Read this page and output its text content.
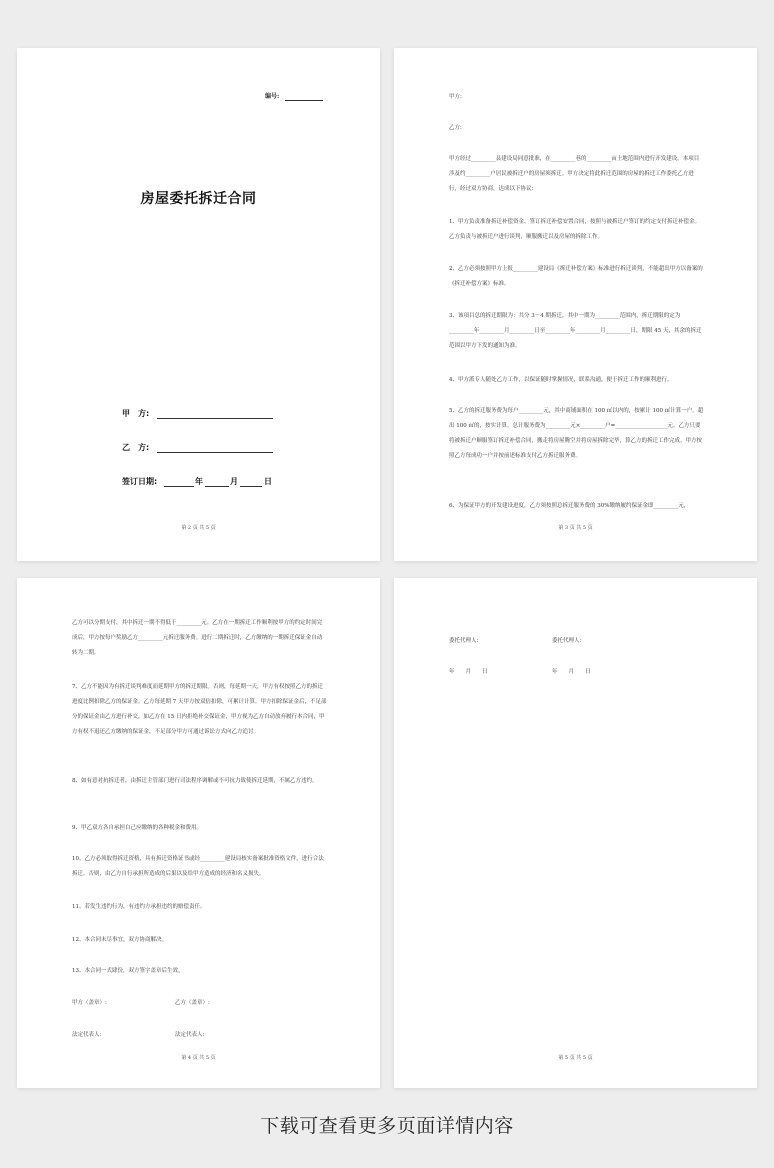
编号:
房屋委托拆迁合同
甲　方:
乙　方:
签订日期:	年	月	日
第 2 页 共 5 页
甲方:
乙方:
甲方经过_________县建设局同意批准，在_________巷的_________亩土地范围内进行开发建设。本项目涉及约_________户居民被拆迁户的房屋须拆迁。甲方决定将此拆迁范围的房屋的拆迁工作委托乙方进行，经过双方协商，达成以下协议:
1、甲方负责准备拆迁补偿资金、签订拆迁补偿安置合同，按照与被拆迁户签订的约定支付拆迁补偿金。乙方负责与被拆迁户进行谈判，顺服搬迁以及房屋的拆除工作。
2、乙方必须按照甲方上报_________建设局《拆迁补偿方案》标准进行拆迁谈判，不能超出甲方以备案的《拆迁补偿方案》标准。
3、该项目总的拆迁期限为：共分 3－4 期拆迁，其中一期为_________范围内，拆迁期限的定为_________年_________月_________日至_________年_________月_________日，期限 45 天，其余的拆迁范围以甲方下发的通知为准。
4、甲方派专人随处乙方工作，以保证随时掌握情况，联系沟通，便于拆迁工作的顺利进行。
5、乙方的拆迁服务费为每户_________元，其中商铺面积在 100 ㎡以内的，按累计 100 ㎡计算一户。超出 100 ㎡的，按实计算。总计服务费为_________元×_________户=___________________元。乙方只要将被拆迁户顺服签订拆迁补偿合同，搬走将房屋腾空并将房屋拆除完毕，算乙方的拆迁工作完成。甲方按照乙方每成功一户并按前述标准支付乙方拆迁服务费。
6、为保证甲方的开发建设进度，乙方须按照总拆迁服务费的 30%缴纳履约保证金即_________元，
第 3 页 共 5 页
乙方可以分期支付，其中拆迁一期不得低于_________元。乙方在一期拆迁工作顺利按甲方的约定时间完成后，甲方按每户奖励乙方_________元拆迁服务费。进行二期拆迁时，乙方缴纳的一期拆迁保证金自动转为二期。
7、乙方不能因为有拆迁谈判难度而延期甲方的拆迁期限。否则，每延期一天，甲方有权按照乙方的拆迁进度比例扣除乙方的保证金。乙方每延期 7 天甲方按双倍扣除，可累计计算。甲方扣除保证金后，不足部分的保证金由乙方进行补交，如乙方在 15 日内拒绝补交保证金，甲方视为乙方自动放弃履行本合同，甲方有权不退还乙方缴纳的保证金，不足部分甲方可通过诉讼方式向乙方追讨。
8、如有意对抗拆迁者，由拆迁主管部门进行司法程序调解或不可抗力致使拆迁延期，不属乙方违约。
9、甲乙双方各自承担自己应缴纳的各种税金和费用。
10、乙方必须取得拆迁资格，具有拆迁资格证书或经_________建设局核实备案批准资格文件，进行合法拆迁。否则，由乙方自行承担所造成的后果以及给甲方造成的经济和名义损失。
11、若发生违约行为，有违约方承担违约的赔偿责任。
12、本合同未尽事宜，双方协商解决。
13、本合同一式肆份，双方签字盖章后生效。
甲方（盖章）:	乙方（盖章）:
法定代表人:	法定代表人:
第 4 页 共 5 页
委托代理人:	委托代理人:
年　　月　　日	年　　月　　日
第 5 页 共 5 页
下载可查看更多页面详情内容
